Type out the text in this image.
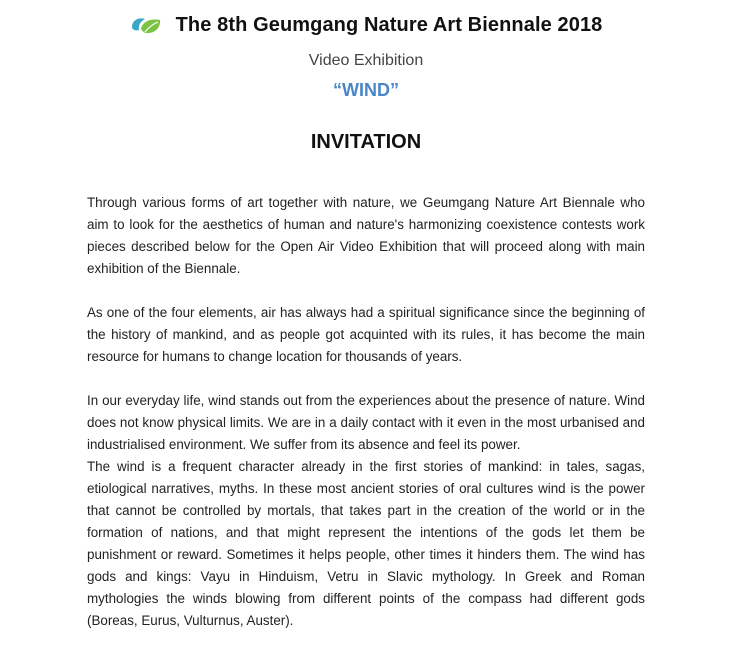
The 8th Geumgang Nature Art Biennale 2018
Video Exhibition
“WIND”
INVITATION

Through various forms of art together with nature, we Geumgang Nature Art Biennale who aim to look for the aesthetics of human and nature's harmonizing coexistence contests work pieces described below for the Open Air Video Exhibition that will proceed along with main exhibition of the Biennale.

As one of the four elements, air has always had a spiritual significance since the beginning of the history of mankind, and as people got acquinted with its rules, it has become the main resource for humans to change location for thousands of years.

In our everyday life, wind stands out from the experiences about the presence of nature. Wind does not know physical limits. We are in a daily contact with it even in the most urbanised and industrialised environment. We suffer from its absence and feel its power.

The wind is a frequent character already in the first stories of mankind: in tales, sagas, etiological narratives, myths. In these most ancient stories of oral cultures wind is the power that cannot be controlled by mortals, that takes part in the creation of the world or in the formation of nations, and that might represent the intentions of the gods let them be punishment or reward. Sometimes it helps people, other times it hinders them. The wind has gods and kings: Vayu in Hinduism, Vetru in Slavic mythology. In Greek and Roman mythologies the winds blowing from different points of the compass had different gods (Boreas, Eurus, Vulturnus, Auster).
